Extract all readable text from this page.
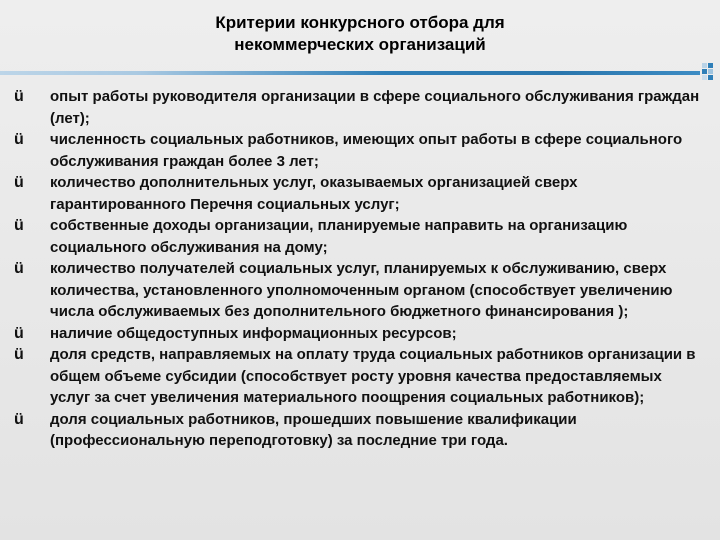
Критерии конкурсного отбора для
некоммерческих организаций
ü	опыт работы руководителя организации в сфере социального обслуживания граждан (лет);
ü	численность социальных работников, имеющих опыт работы в сфере социального обслуживания граждан более 3 лет;
ü	количество дополнительных услуг, оказываемых организацией сверх гарантированного Перечня социальных услуг;
ü	собственные доходы организации, планируемые направить на организацию социального обслуживания на дому;
ü	количество получателей социальных услуг, планируемых к обслуживанию, сверх количества, установленного уполномоченным органом (способствует увеличению числа обслуживаемых без дополнительного бюджетного финансирования );
ü	наличие общедоступных информационных ресурсов;
ü	доля средств, направляемых на оплату труда социальных работников организации в общем объеме субсидии (способствует росту уровня качества предоставляемых услуг за счет увеличения материального поощрения социальных работников);
ü	доля социальных работников, прошедших повышение квалификации (профессиональную переподготовку) за последние три года.
